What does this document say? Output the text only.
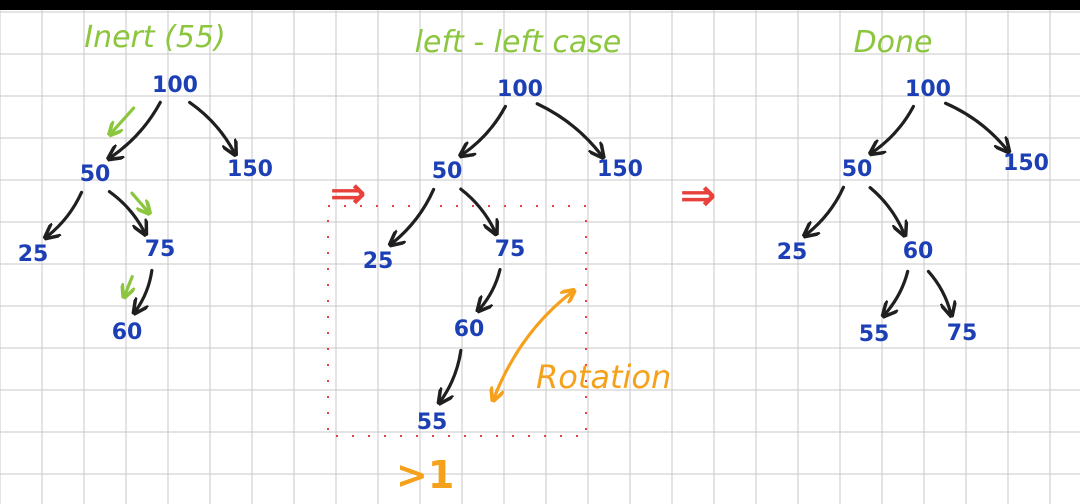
Inert (55)	left - left case	Done
100
50	150
25	75
60
100
50	150
25	75
60
55
100
50	150
25	60
55	75
⇒	⇒
Rotation
>1
